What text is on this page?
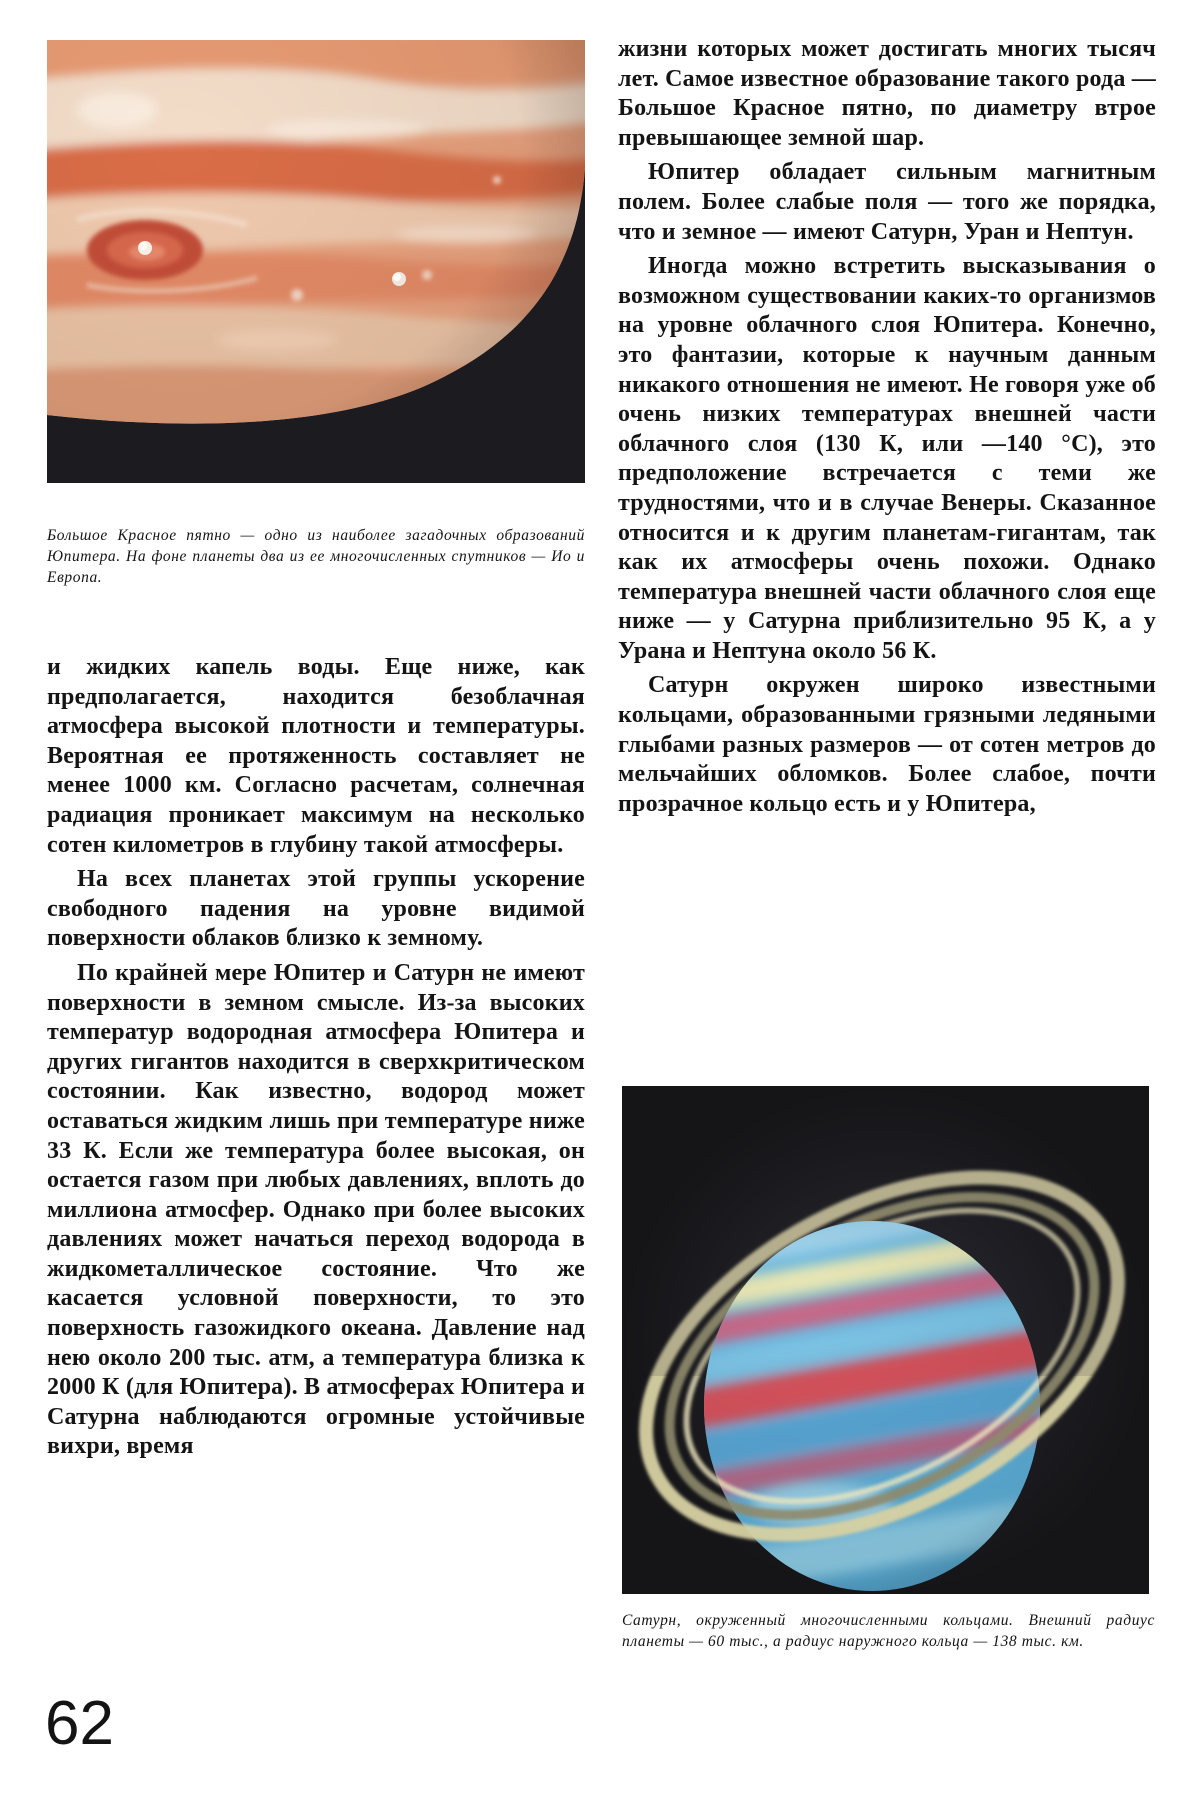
Большое Красное пятно — одно из наиболее загадочных образований Юпитера. На фоне планеты два из ее многочисленных спутников — Ио и Европа.

и жидких капель воды. Еще ниже, как предполагается, находится безоблачная атмосфера высокой плотности и температуры. Вероятная ее протяженность составляет не менее 1000 км. Согласно расчетам, солнечная радиация проникает максимум на несколько сотен километров в глубину такой атмосферы.

На всех планетах этой группы ускорение свободного падения на уровне видимой поверхности облаков близко к земному.

По крайней мере Юпитер и Сатурн не имеют поверхности в земном смысле. Из-за высоких температур водородная атмосфера Юпитера и других гигантов находится в сверхкритическом состоянии. Как известно, водород может оставаться жидким лишь при температуре ниже 33 К. Если же температура более высокая, он остается газом при любых давлениях, вплоть до миллиона атмосфер. Однако при более высоких давлениях может начаться переход водорода в жидкометаллическое состояние. Что же касается условной поверхности, то это поверхность газожидкого океана. Давление над нею около 200 тыс. атм, а температура близка к 2000 К (для Юпитера). В атмосферах Юпитера и Сатурна наблюдаются огромные устойчивые вихри, время

жизни которых может достигать многих тысяч лет. Самое известное образование такого рода — Большое Красное пятно, по диаметру втрое превышающее земной шар.

Юпитер обладает сильным магнитным полем. Более слабые поля — того же порядка, что и земное — имеют Сатурн, Уран и Нептун.

Иногда можно встретить высказывания о возможном существовании каких-то организмов на уровне облачного слоя Юпитера. Конечно, это фантазии, которые к научным данным никакого отношения не имеют. Не говоря уже об очень низких температурах внешней части облачного слоя (130 К, или —140 °С), это предположение встречается с теми же трудностями, что и в случае Венеры. Сказанное относится и к другим планетам-гигантам, так как их атмосферы очень похожи. Однако температура внешней части облачного слоя еще ниже — у Сатурна приблизительно 95 К, а у Урана и Нептуна около 56 К.

Сатурн окружен широко известными кольцами, образованными грязными ледяными глыбами разных размеров — от сотен метров до мельчайших обломков. Более слабое, почти прозрачное кольцо есть и у Юпитера,

Сатурн, окруженный многочисленными кольцами. Внешний радиус планеты — 60 тыс., а радиус наружного кольца — 138 тыс. км.

62
